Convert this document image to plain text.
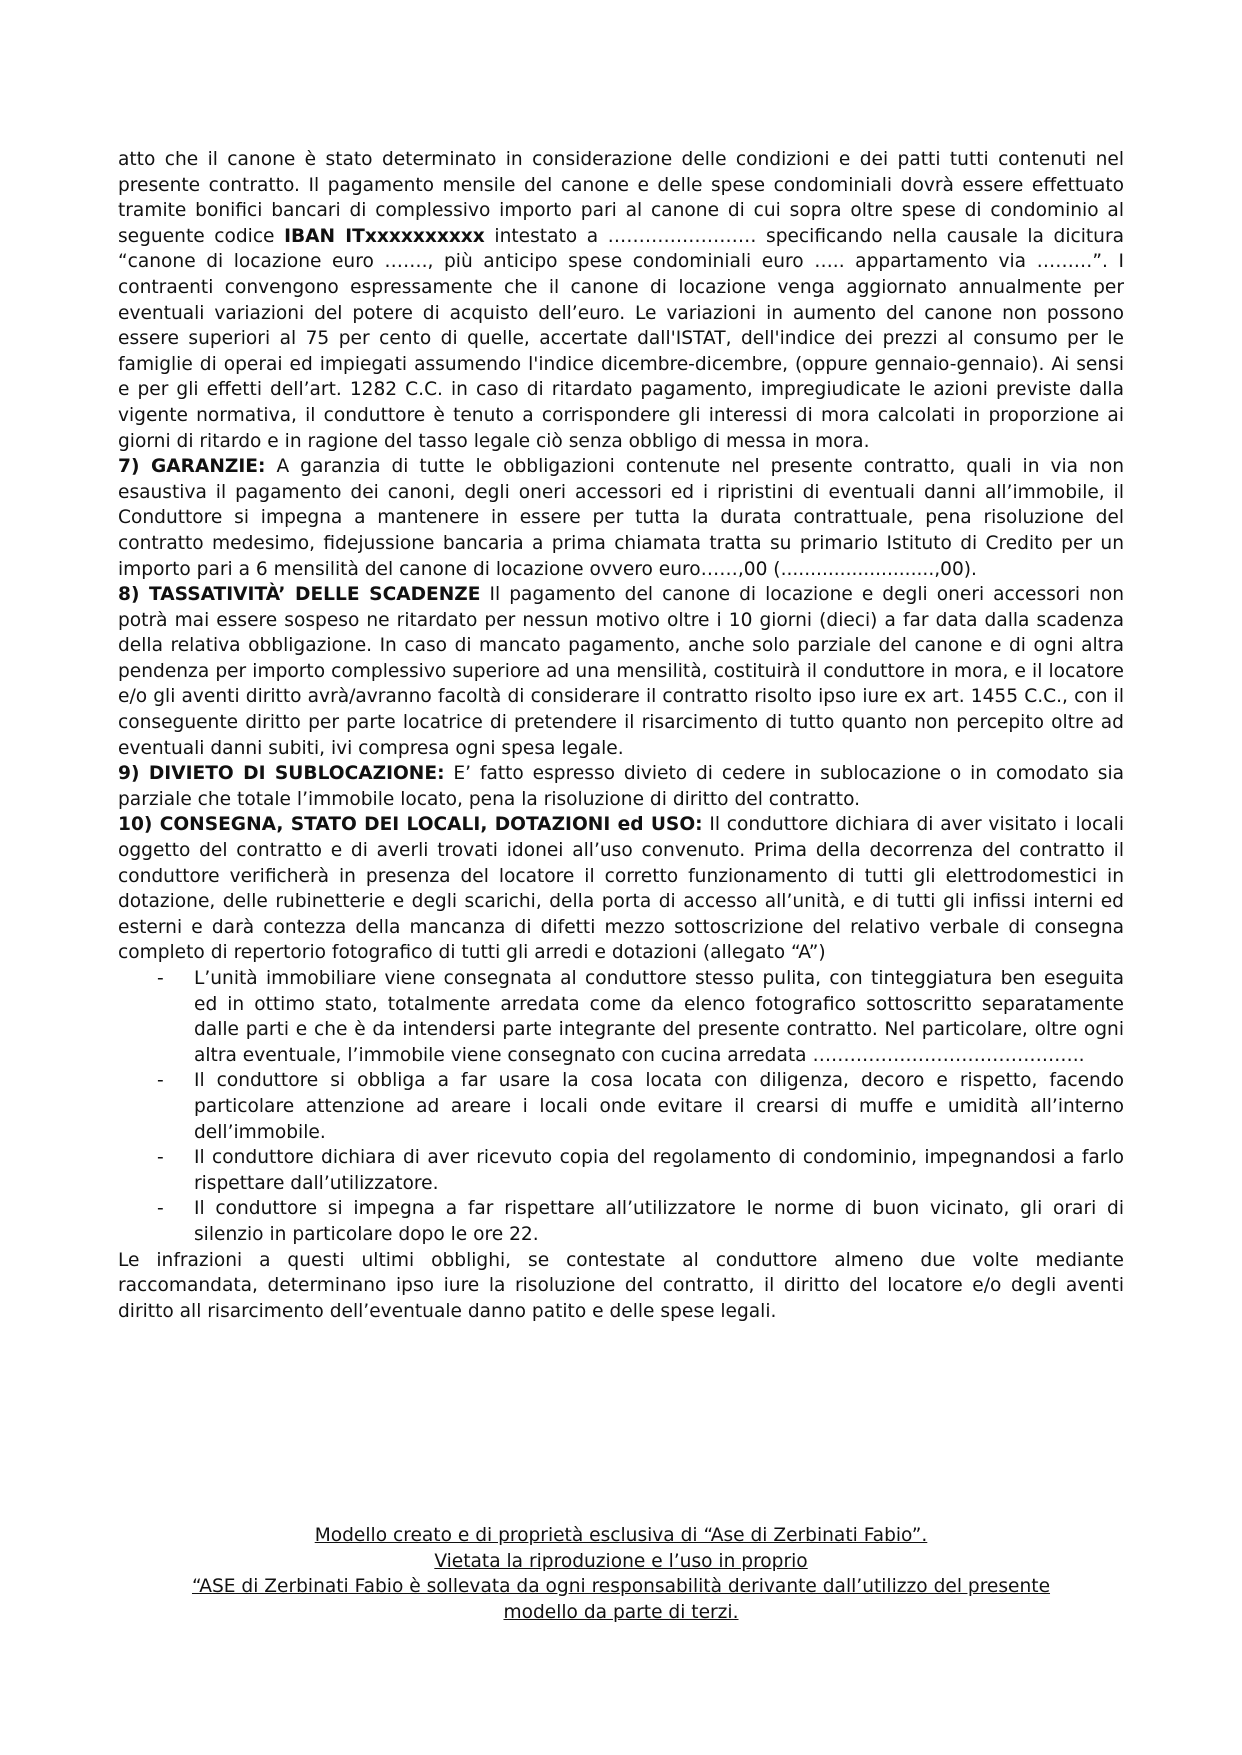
atto che il canone è stato determinato in considerazione delle condizioni e dei patti tutti contenuti nel presente contratto. Il pagamento mensile del canone e delle spese condominiali dovrà essere effettuato tramite bonifici bancari di complessivo importo pari al canone di cui sopra oltre spese di condominio al seguente codice IBAN ITxxxxxxxxxx intestato a …………………… specificando nella causale la dicitura “canone di locazione euro ……., più anticipo spese condominiali euro ….. appartamento via ………”. I contraenti convengono espressamente che il canone di locazione venga aggiornato annualmente per eventuali variazioni del potere di acquisto dell’euro. Le variazioni in aumento del canone non possono essere superiori al 75 per cento di quelle, accertate dall'ISTAT, dell'indice dei prezzi al consumo per le famiglie di operai ed impiegati assumendo l'indice dicembre-dicembre, (oppure gennaio-gennaio). Ai sensi e per gli effetti dell’art. 1282 C.C. in caso di ritardato pagamento, impregiudicate le azioni previste dalla vigente normativa, il conduttore è tenuto a corrispondere gli interessi di mora calcolati in proporzione ai giorni di ritardo e in ragione del tasso legale ciò senza obbligo di messa in mora.

7) GARANZIE: A garanzia di tutte le obbligazioni contenute nel presente contratto, quali in via non esaustiva il pagamento dei canoni, degli oneri accessori ed i ripristini di eventuali danni all’immobile, il Conduttore si impegna a mantenere in essere per tutta la durata contrattuale, pena risoluzione del contratto medesimo, fidejussione bancaria a prima chiamata tratta su primario Istituto di Credito per un importo pari a 6 mensilità del canone di locazione ovvero euro……,00 (..........................,00).

8) TASSATIVITÀ’ DELLE SCADENZE Il pagamento del canone di locazione e degli oneri accessori non potrà mai essere sospeso ne ritardato per nessun motivo oltre i 10 giorni (dieci) a far data dalla scadenza della relativa obbligazione. In caso di mancato pagamento, anche solo parziale del canone e di ogni altra pendenza per importo complessivo superiore ad una mensilità, costituirà il conduttore in mora, e il locatore e/o gli aventi diritto avrà/avranno facoltà di considerare il contratto risolto ipso iure ex art. 1455 C.C., con il conseguente diritto per parte locatrice di pretendere il risarcimento di tutto quanto non percepito oltre ad eventuali danni subiti, ivi compresa ogni spesa legale.

9) DIVIETO DI SUBLOCAZIONE: E’ fatto espresso divieto di cedere in sublocazione o in comodato sia parziale che totale l’immobile locato, pena la risoluzione di diritto del contratto.

10) CONSEGNA, STATO DEI LOCALI, DOTAZIONI ed USO: Il conduttore dichiara di aver visitato i locali oggetto del contratto e di averli trovati idonei all’uso convenuto. Prima della decorrenza del contratto il conduttore verificherà in presenza del locatore il corretto funzionamento di tutti gli elettrodomestici in dotazione, delle rubinetterie e degli scarichi, della porta di accesso all’unità, e di tutti gli infissi interni ed esterni e darà contezza della mancanza di difetti mezzo sottoscrizione del relativo verbale di consegna completo di repertorio fotografico di tutti gli arredi e dotazioni (allegato “A”)

- L’unità immobiliare viene consegnata al conduttore stesso pulita, con tinteggiatura ben eseguita ed in ottimo stato, totalmente arredata come da elenco fotografico sottoscritto separatamente dalle parti e che è da intendersi parte integrante del presente contratto. Nel particolare, oltre ogni altra eventuale, l’immobile viene consegnato con cucina arredata ……………………………………..
- Il conduttore si obbliga a far usare la cosa locata con diligenza, decoro e rispetto, facendo particolare attenzione ad areare i locali onde evitare il crearsi di muffe e umidità all’interno dell’immobile.
- Il conduttore dichiara di aver ricevuto copia del regolamento di condominio, impegnandosi a farlo rispettare dall’utilizzatore.
- Il conduttore si impegna a far rispettare all’utilizzatore le norme di buon vicinato, gli orari di silenzio in particolare dopo le ore 22.

Le infrazioni a questi ultimi obblighi, se contestate al conduttore almeno due volte mediante raccomandata, determinano ipso iure la risoluzione del contratto, il diritto del locatore e/o degli aventi diritto all risarcimento dell’eventuale danno patito e delle spese legali.

Modello creato e di proprietà esclusiva di “Ase di Zerbinati Fabio”.
Vietata la riproduzione e l’uso in proprio
“ASE di Zerbinati Fabio è sollevata da ogni responsabilità derivante dall’utilizzo del presente
modello da parte di terzi.
